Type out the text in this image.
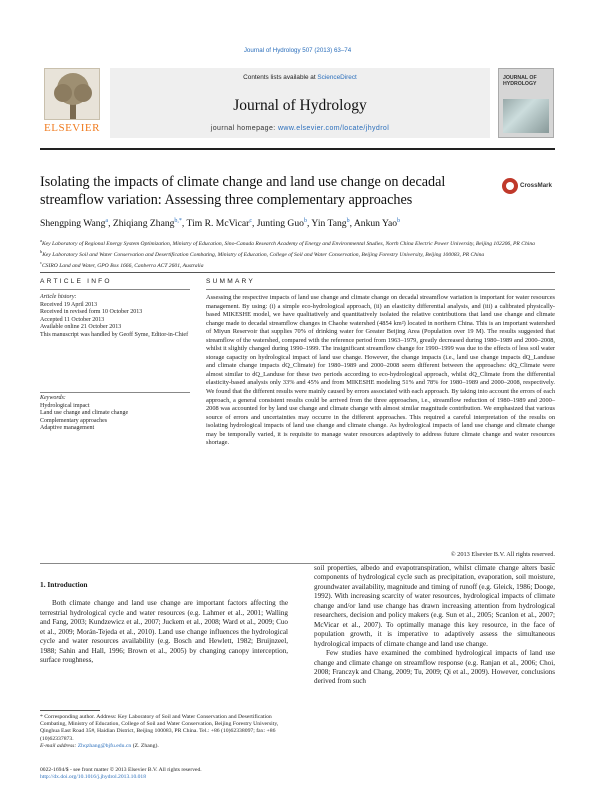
Journal of Hydrology 507 (2013) 63–74
ELSEVIER
Contents lists available at ScienceDirect
Journal of Hydrology
journal homepage: www.elsevier.com/locate/jhydrol
JOURNAL OF HYDROLOGY
Isolating the impacts of climate change and land use change on decadal streamflow variation: Assessing three complementary approaches
CrossMark
Shengping Wang$^a$, Zhiqiang Zhang$^{b,*}$, Tim R. McVicar$^c$, Junting Guo$^b$, Yin Tang$^b$, Ankun Yao$^b$
$^a$Key Laboratory of Regional Energy System Optimization, Ministry of Education, Sino-Canada Research Academy of Energy and Environmental Studies, North China Electric Power University, Beijing 102206, PR China
$^b$Key Laboratory Soil and Water Conservation and Desertification Combating, Ministry of Education, College of Soil and Water Conservation, Beijing Forestry University, Beijing 100083, PR China
$^c$CSIRO Land and Water, GPO Box 1666, Canberra ACT 2601, Australia
ARTICLE INFO	SUMMARY
Article history:
Received 19 April 2013
Received in revised form 10 October 2013
Accepted 11 October 2013
Available online 21 October 2013
This manuscript was handled by Geoff Syme, Editor-in-Chief
Keywords:
Hydrological impact
Land use change and climate change
Complementary approaches
Adaptive management
Assessing the respective impacts of land use change and climate change on decadal streamflow variation is important for water resources management. By using: (i) a simple eco-hydrological approach, (ii) an elasticity differential analysis, and (iii) a calibrated physically-based MIKESHE model, we have qualitatively and quantitatively isolated the relative contributions that land use change and climate change made to decadal streamflow changes in Chaohe watershed (4854 km²) located in northern China. This is an important watershed of Miyun Reservoir that supplies 70% of drinking water for Greater Beijing Area (Population over 19 M). The results suggested that streamflow of the watershed, compared with the reference period from 1963–1979, greatly decreased during 1980–1989 and 2000–2008, whilst it slightly changed during 1990–1999. The insignificant streamflow change for 1990–1999 was due to the effects of less soil water storage capacity on hydrological impact of land use change. However, the change impacts (i.e., land use change impacts dQ_Landuse and climate change impacts dQ_Climate) for 1980–1989 and 2000–2008 seem different between the approaches: dQ_Climate were almost similar to dQ_Landuse for these two periods according to eco-hydrological approach, whilst dQ_Climate from the differential elasticity-based analysis only 33% and 45% and from MIKESHE modeling 51% and 78% for 1980–1989 and 2000–2008, respectively. We found that the different results were mainly caused by errors associated with each approach. By taking into account the errors of each approach, a general consistent results could be arrived from the three approaches, i.e., streamflow reduction of 1980–1989 and 2000–2008 was accounted for by land use change and climate change with almost similar magnitude contribution. We emphasized that various source of errors and uncertainties may occurre in the different approaches. This required a careful interpretation of the results on isolating hydrological impacts of land use change and climate change. As hydrological impacts of land use change and climate change may be temporally varied, it is requisite to manage water resources adaptively to address future climate change and water resources shortage.
© 2013 Elsevier B.V. All rights reserved.
1. Introduction

Both climate change and land use change are important factors affecting the terrestrial hydrological cycle and water resources (e.g. Lahmer et al., 2001; Walling and Fang, 2003; Kundzewicz et al., 2007; Juckem et al., 2008; Ward et al., 2009; Cuo et al., 2009; Morán-Tejeda et al., 2010). Land use change influences the hydrological cycle and water resources availability (e.g. Bosch and Hewlett, 1982; Bruijnzeel, 1988; Sahin and Hall, 1996; Brown et al., 2005) by changing canopy interception, surface roughness,

soil properties, albedo and evapotranspiration, whilst climate change alters basic components of hydrological cycle such as precipitation, evaporation, soil moisture, groundwater availability, magnitude and timing of runoff (e.g. Gleick, 1986; Dooge, 1992). With increasing scarcity of water resources, hydrological impacts of climate change and/or land use change has drawn increasing attention from hydrological researchers, decision and policy makers (e.g. Sun et al., 2005; Scanlon et al., 2007; McVicar et al., 2007). To optimally manage this key resource, in the face of population growth, it is imperative to adaptively assess the simultaneous hydrological impacts of climate change and land use change.

Few studies have examined the combined hydrological impacts of land use change and climate change on streamflow response (e.g. Ranjan et al., 2006; Choi, 2008; Franczyk and Chang, 2009; Tu, 2009; Qi et al., 2009). However, conclusions derived from such

* Corresponding author. Address: Key Laboratory of Soil and Water Conservation and Desertification Combating, Ministry of Education, College of Soil and Water Conservation, Beijing Forestry University, Qinghua East Road 35#, Haidian District, Beijing 100083, PR China. Tel.: +86 (10)62338097; fax: +86 (10)62337873.
E-mail address: Zhqzhang@bjfu.edu.cn (Z. Zhang).
0022-1694/$ - see front matter © 2013 Elsevier B.V. All rights reserved.
http://dx.doi.org/10.1016/j.jhydrol.2013.10.018
